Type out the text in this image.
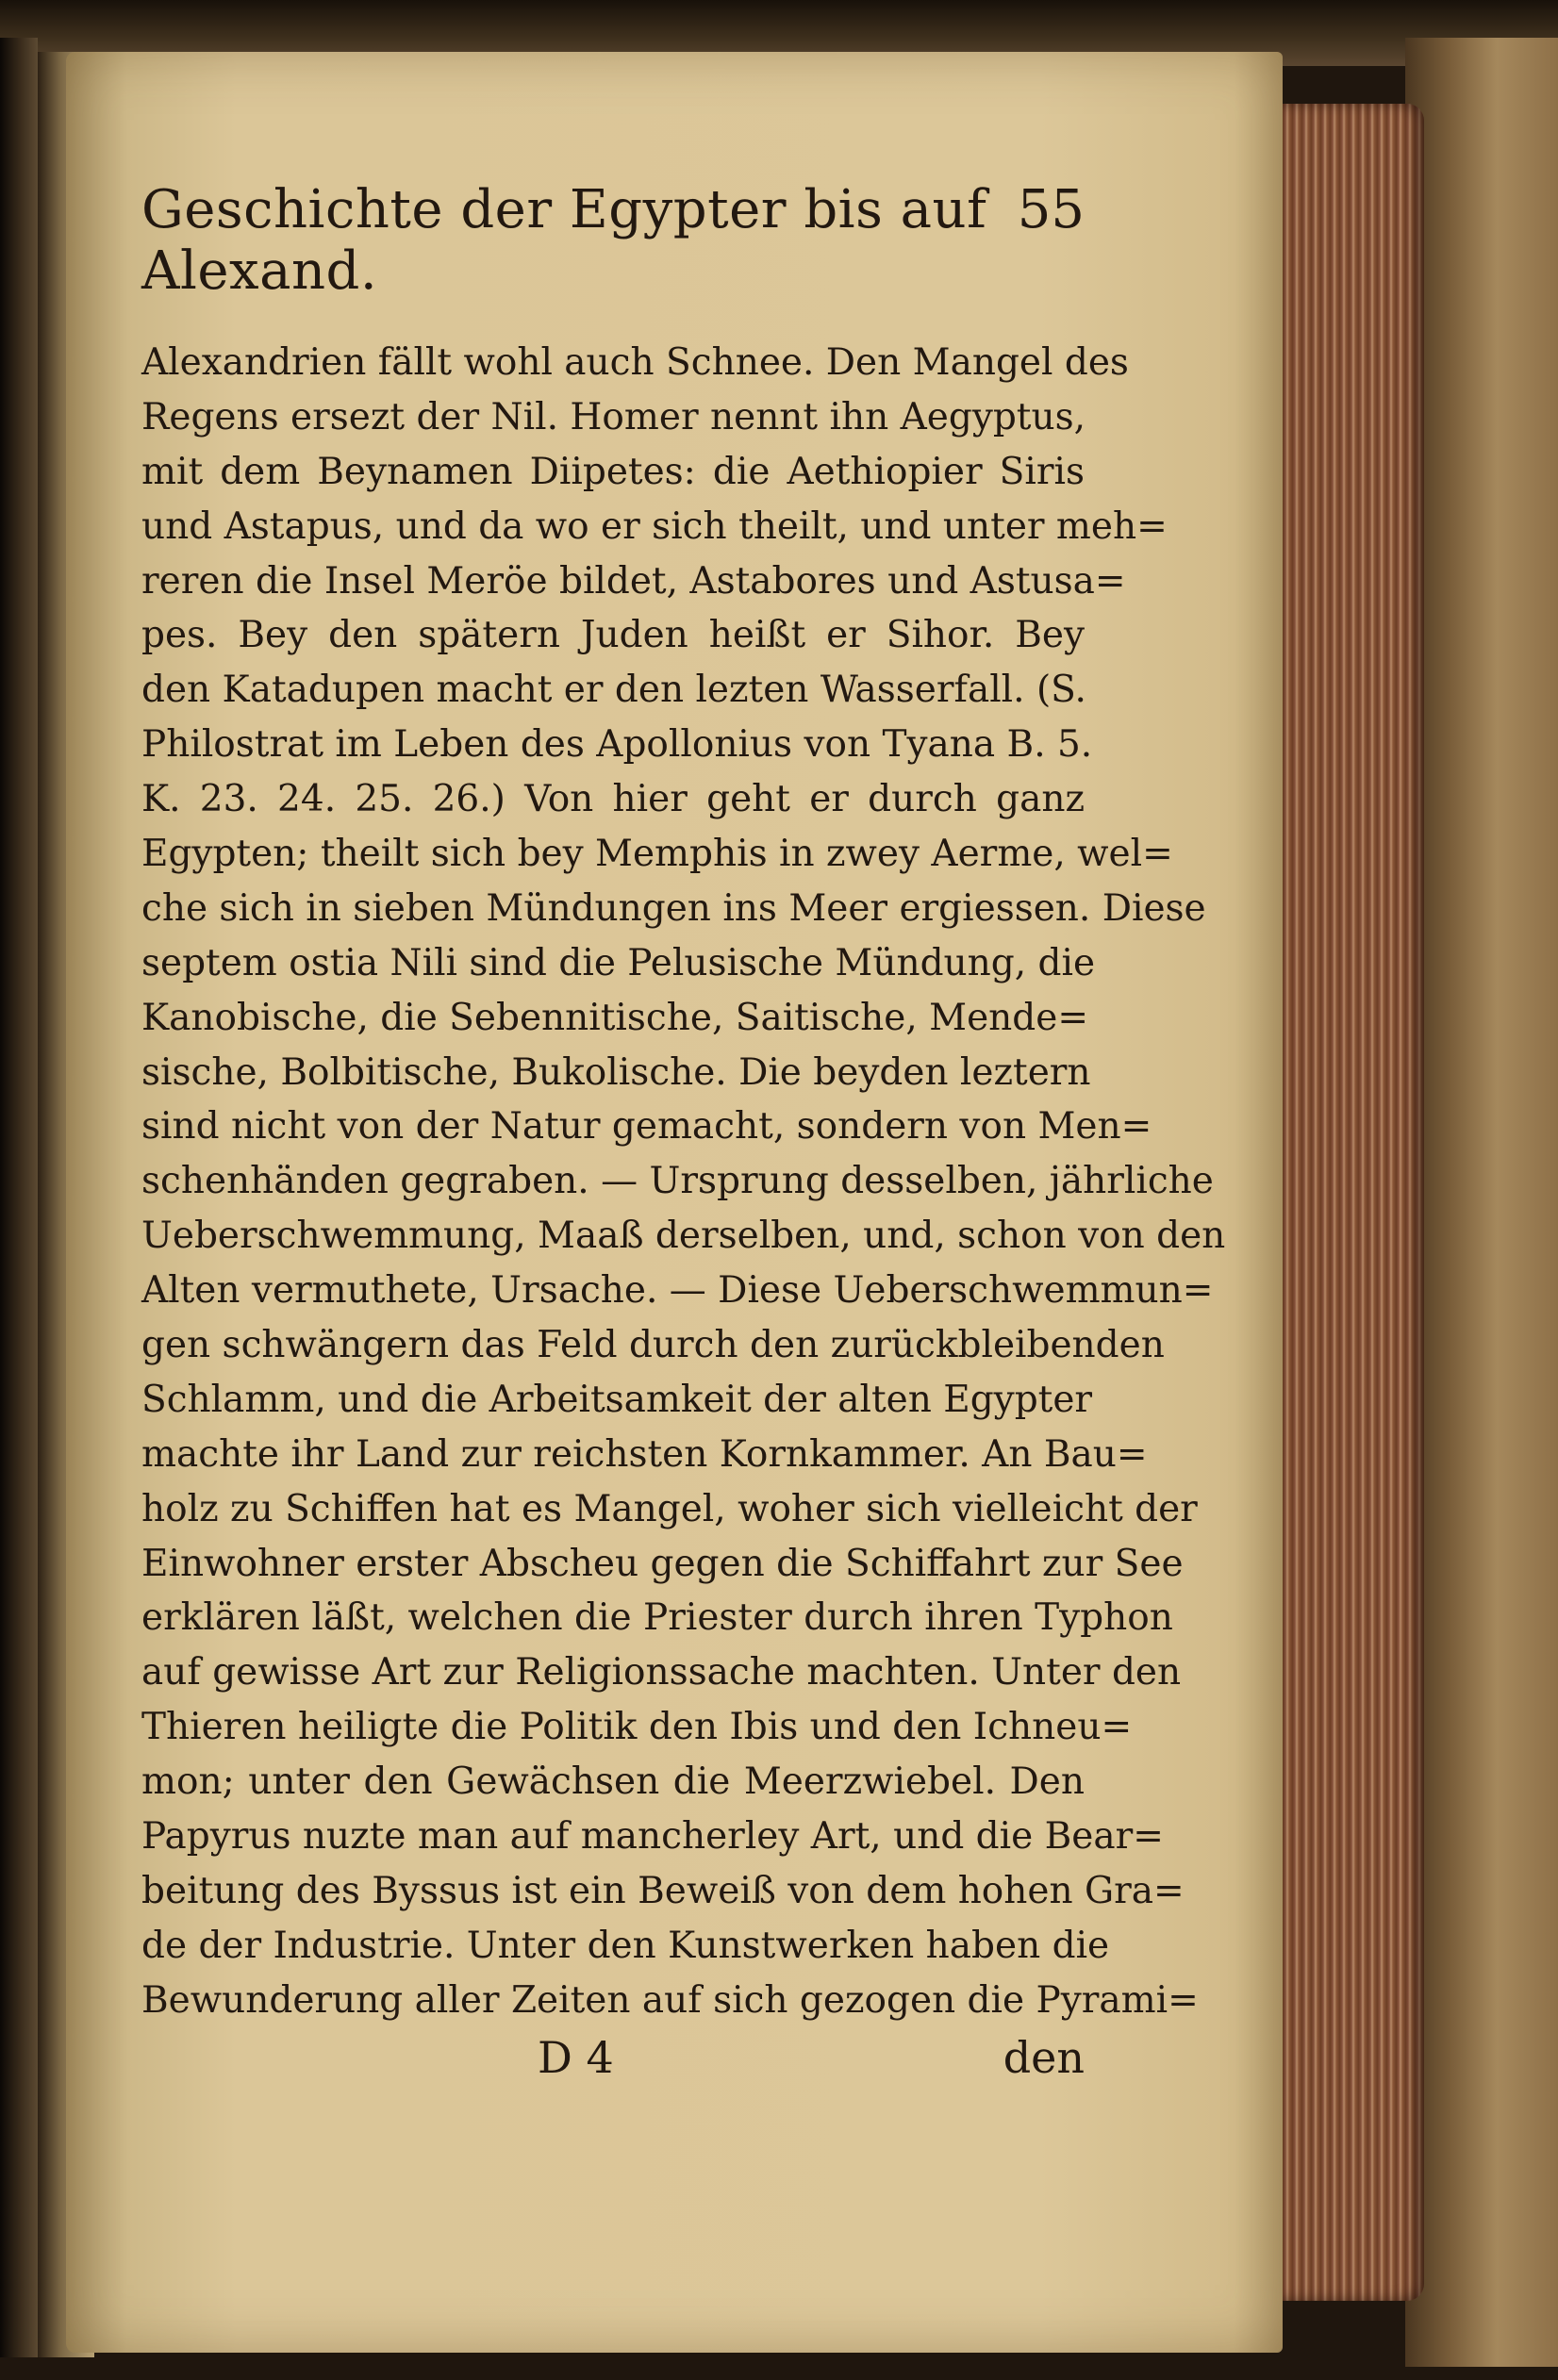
Geschichte der Egypter bis auf Alexand.
55
Alexandrien fällt wohl auch Schnee. Den Mangel des
Regens ersezt der Nil. Homer nennt ihn Aegyptus,
mit dem Beynamen Diipetes: die Aethiopier Siris
und Astapus, und da wo er sich theilt, und unter meh=
reren die Insel Meröe bildet, Astabores und Astusa=
pes. Bey den spätern Juden heißt er Sihor. Bey
den Katadupen macht er den lezten Wasserfall. (S.
Philostrat im Leben des Apollonius von Tyana B. 5.
K. 23. 24. 25. 26.) Von hier geht er durch ganz
Egypten; theilt sich bey Memphis in zwey Aerme, wel=
che sich in sieben Mündungen ins Meer ergiessen. Diese
septem ostia Nili sind die Pelusische Mündung, die
Kanobische, die Sebennitische, Saitische, Mende=
sische, Bolbitische, Bukolische. Die beyden leztern
sind nicht von der Natur gemacht, sondern von Men=
schenhänden gegraben. — Ursprung desselben, jährliche
Ueberschwemmung, Maaß derselben, und, schon von den
Alten vermuthete, Ursache. — Diese Ueberschwemmun=
gen schwängern das Feld durch den zurückbleibenden
Schlamm, und die Arbeitsamkeit der alten Egypter
machte ihr Land zur reichsten Kornkammer. An Bau=
holz zu Schiffen hat es Mangel, woher sich vielleicht der
Einwohner erster Abscheu gegen die Schiffahrt zur See
erklären läßt, welchen die Priester durch ihren Typhon
auf gewisse Art zur Religionssache machten. Unter den
Thieren heiligte die Politik den Ibis und den Ichneu=
mon; unter den Gewächsen die Meerzwiebel. Den
Papyrus nuzte man auf mancherley Art, und die Bear=
beitung des Byssus ist ein Beweiß von dem hohen Gra=
de der Industrie. Unter den Kunstwerken haben die
Bewunderung aller Zeiten auf sich gezogen die Pyrami=
D 4	den
